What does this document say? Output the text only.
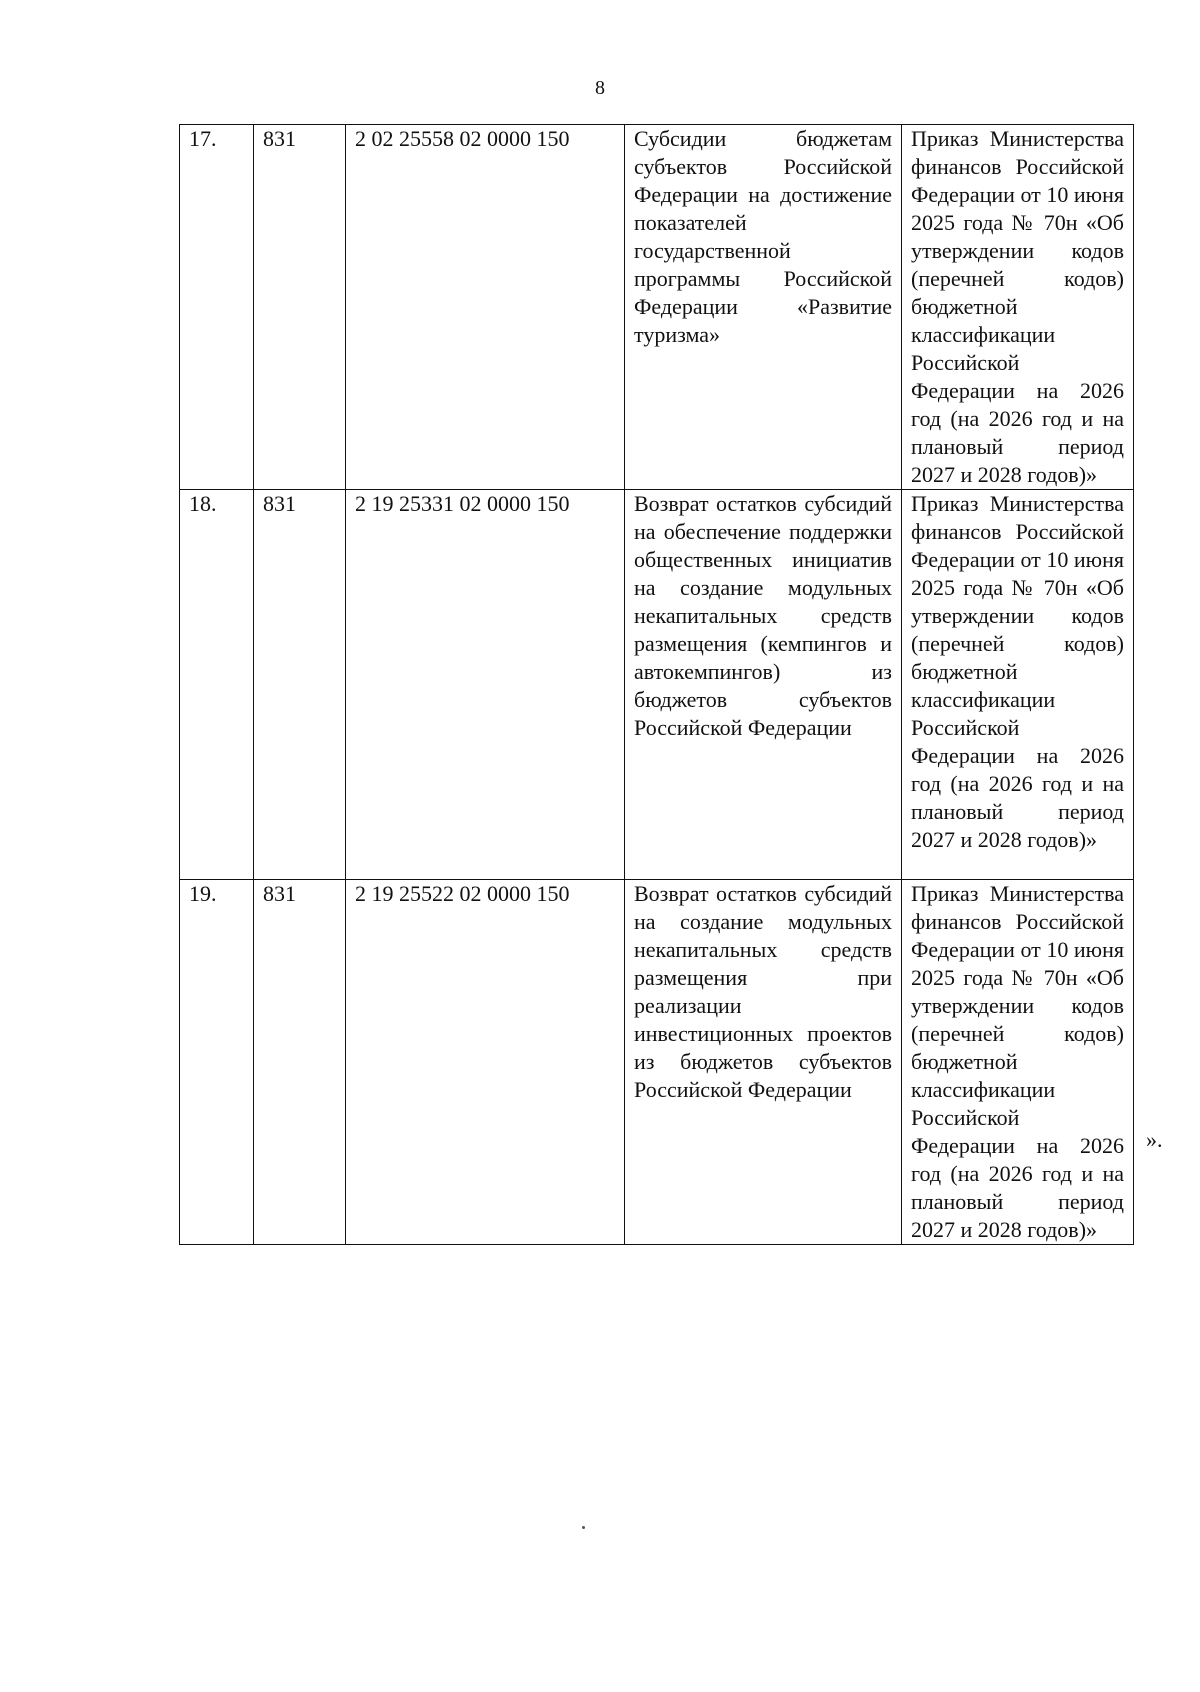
8
17.	831	2 02 25558 02 0000 150	Субсидии бюджетам субъектов Российской Федерации на достижение показателей государственной программы Российской Федерации «Развитие туризма»	Приказ Министерства финансов Российской Федерации от 10 июня 2025 года № 70н «Об утверждении кодов (перечней кодов) бюджетной классификации Российской Федерации на 2026 год (на 2026 год и на плановый период 2027 и 2028 годов)»

18.	831	2 19 25331 02 0000 150	Возврат остатков субсидий на обеспечение поддержки общественных инициатив на создание модульных некапитальных средств размещения (кемпингов и автокемпингов) из бюджетов субъектов Российской Федерации	Приказ Министерства финансов Российской Федерации от 10 июня 2025 года № 70н «Об утверждении кодов (перечней кодов) бюджетной классификации Российской Федерации на 2026 год (на 2026 год и на плановый период 2027 и 2028 годов)»

19.	831	2 19 25522 02 0000 150	Возврат остатков субсидий на создание модульных некапитальных средств размещения при реализации инвестиционных проектов из бюджетов субъектов Российской Федерации	Приказ Министерства финансов Российской Федерации от 10 июня 2025 года № 70н «Об утверждении кодов (перечней кодов) бюджетной классификации Российской Федерации на 2026 год (на 2026 год и на плановый период 2027 и 2028 годов)»
».
